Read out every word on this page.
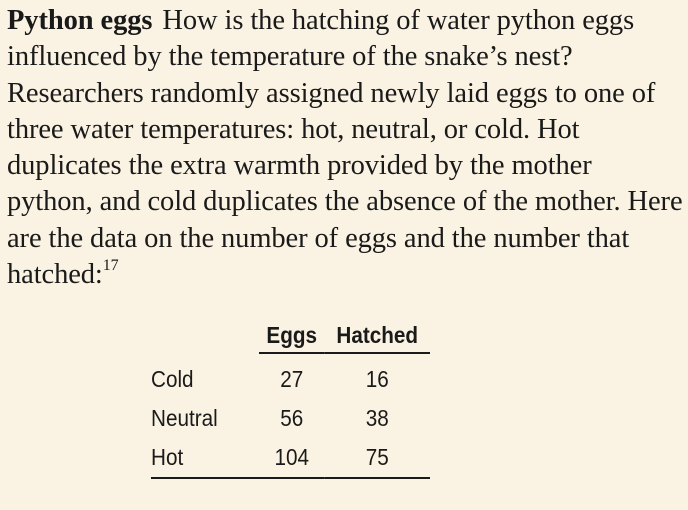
Python eggs How is the hatching of water python eggs influenced by the temperature of the snake’s nest? Researchers randomly assigned newly laid eggs to one of three water temperatures: hot, neutral, or cold. Hot duplicates the extra warmth provided by the mother python, and cold duplicates the absence of the mother. Here are the data on the number of eggs and the number that hatched:$^{17}$

	Eggs	Hatched
Cold	27	16
Neutral	56	38
Hot	104	75
